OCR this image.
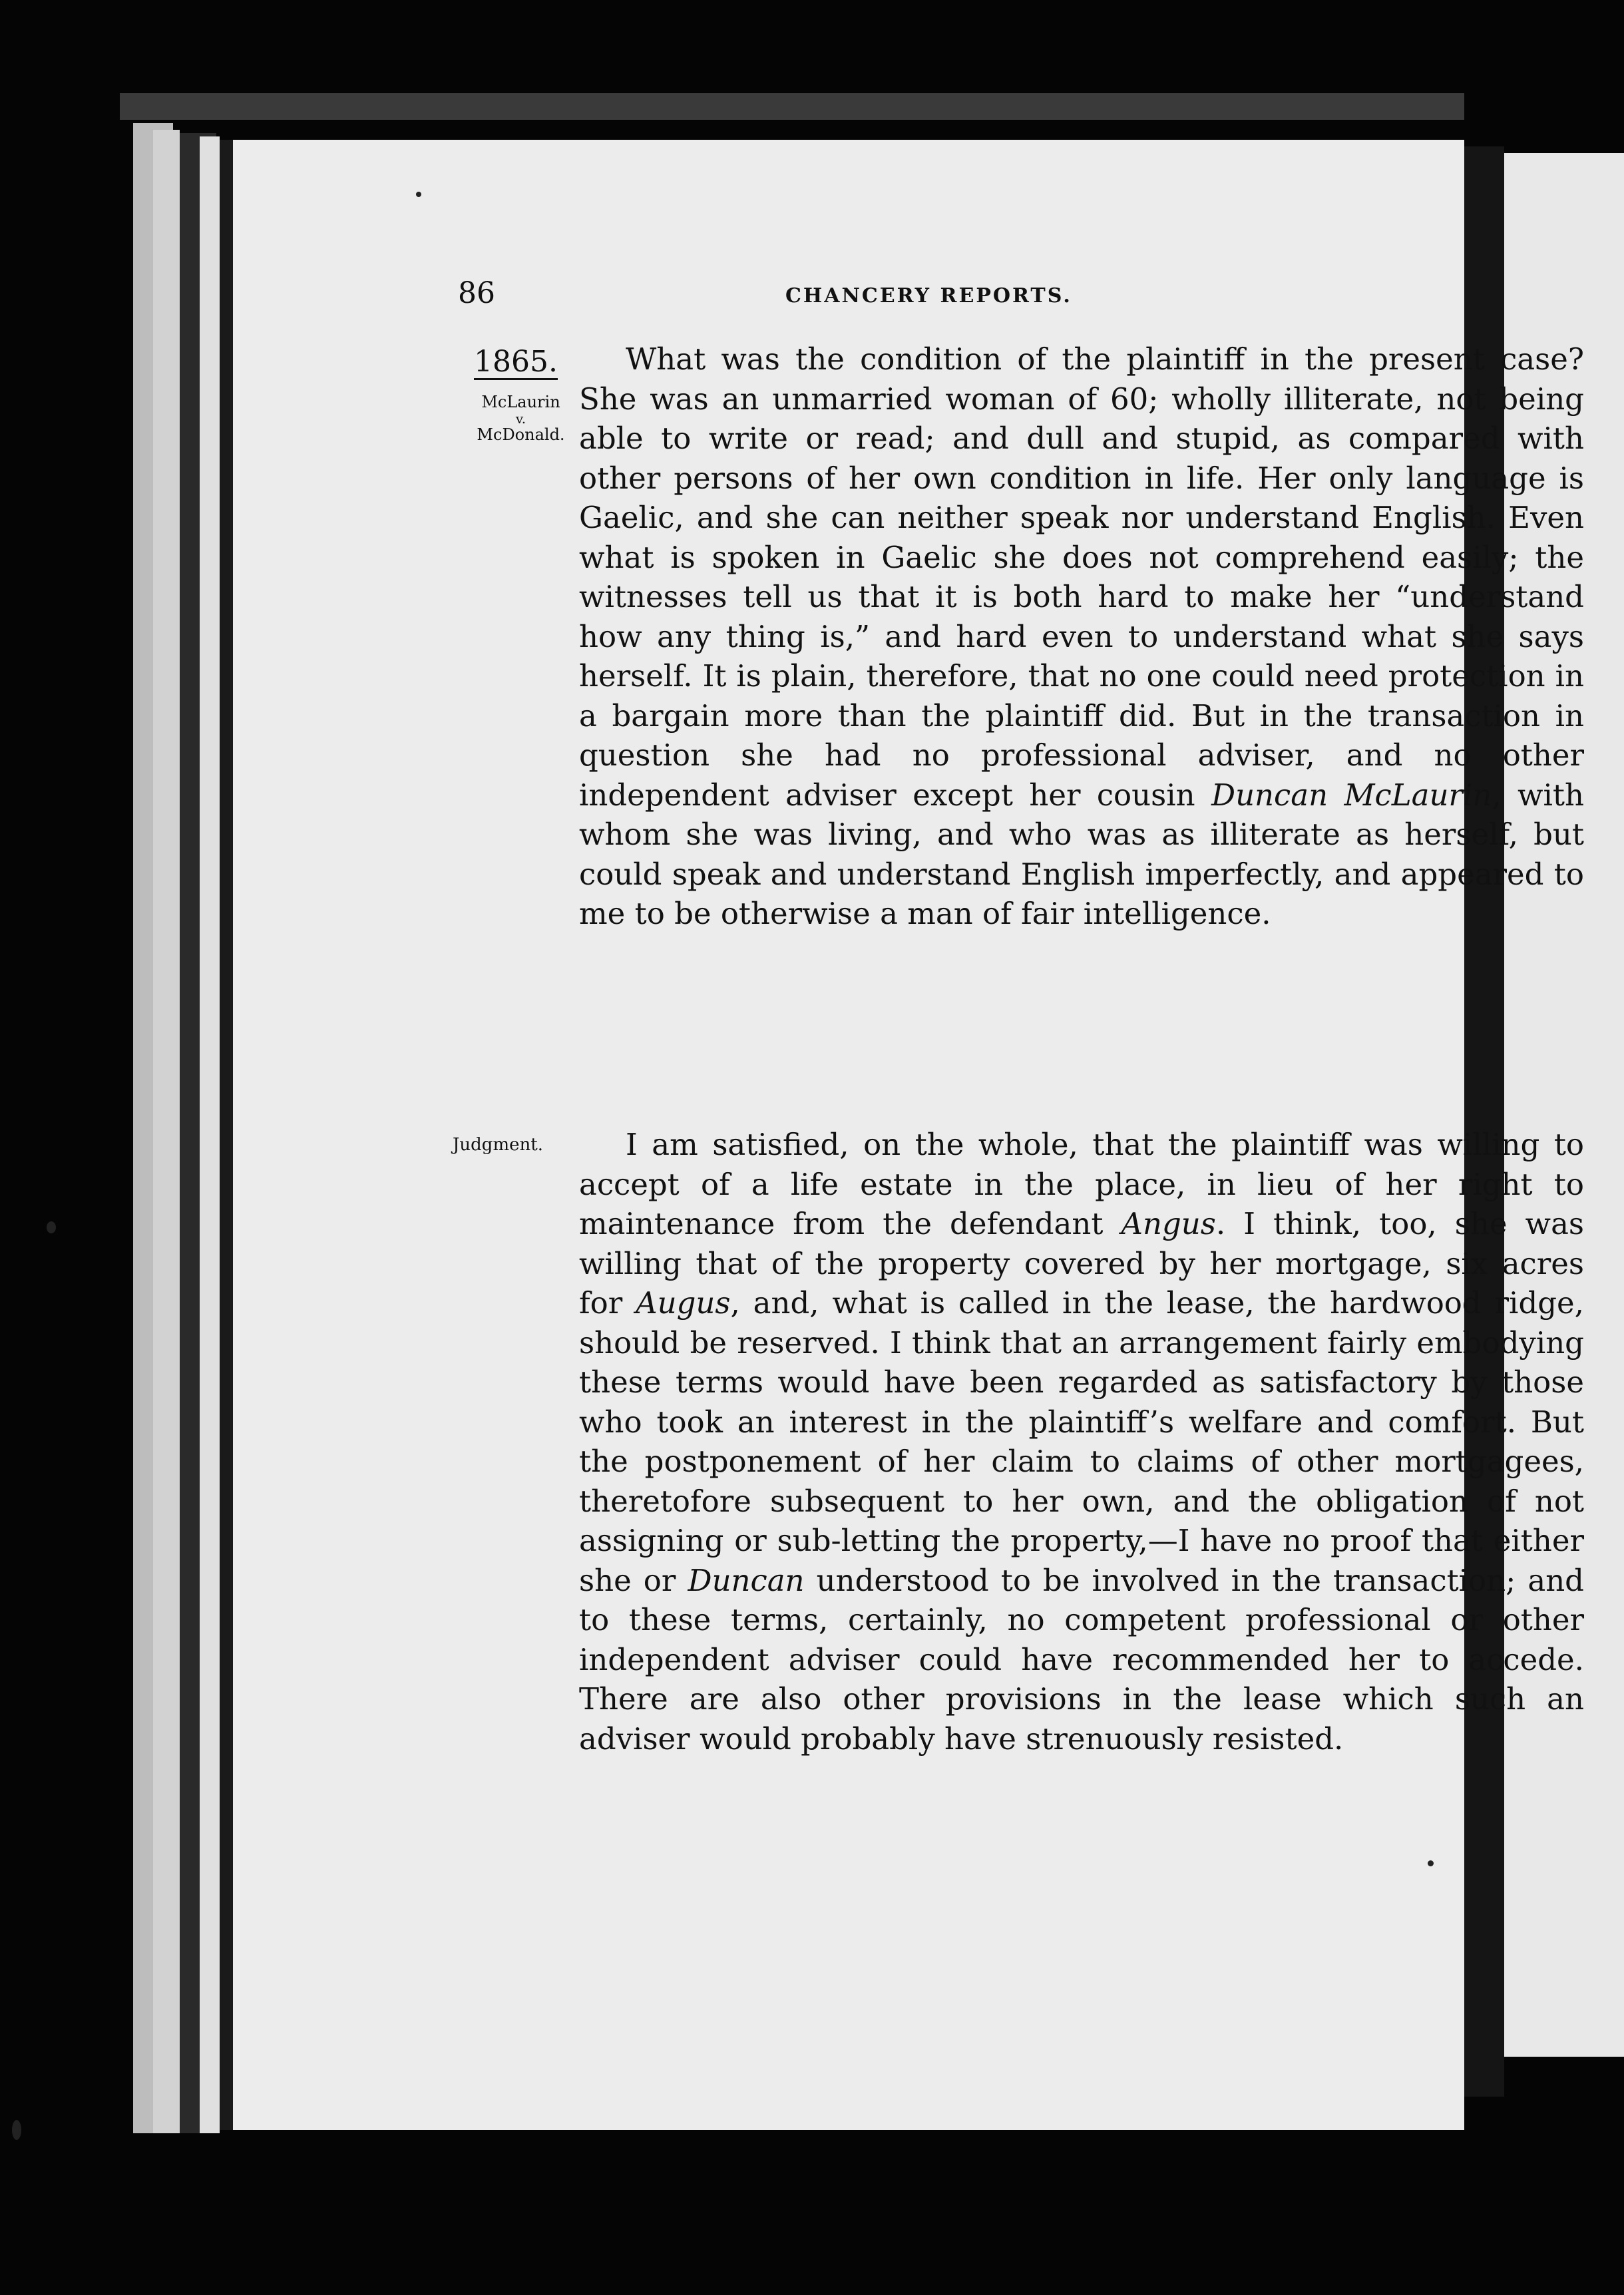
86	CHANCERY REPORTS.
1865.
McLaurin
v.
McDonald.

What was the condition of the plaintiff in the present case? She was an unmarried woman of 60; wholly illiterate, not being able to write or read; and dull and stupid, as compared with other persons of her own condition in life. Her only language is Gaelic, and she can neither speak nor understand English. Even what is spoken in Gaelic she does not comprehend easily; the witnesses tell us that it is both hard to make her “understand how any thing is,” and hard even to understand what she says herself. It is plain, therefore, that no one could need protection in a bargain more than the plaintiff did. But in the transaction in question she had no professional adviser, and no other independent adviser except her cousin Duncan McLaurin, with whom she was living, and who was as illiterate as herself, but could speak and understand English imperfectly, and appeared to me to be otherwise a man of fair intelligence.

Judgment.	I am satisfied, on the whole, that the plaintiff was willing to accept of a life estate in the place, in lieu of her right to maintenance from the defendant Angus. I think, too, she was willing that of the property covered by her mortgage, six acres for Augus, and, what is called in the lease, the hardwood ridge, should be reserved. I think that an arrangement fairly embodying these terms would have been regarded as satisfactory by those who took an interest in the plaintiff’s welfare and comfort. But the postponement of her claim to claims of other mortgagees, theretofore subsequent to her own, and the obligation of not assigning or sub-letting the property,—I have no proof that either she or Duncan understood to be involved in the transaction; and to these terms, certainly, no competent professional or other independent adviser could have recommended her to accede. There are also other provisions in the lease which such an adviser would probably have strenuously resisted.
